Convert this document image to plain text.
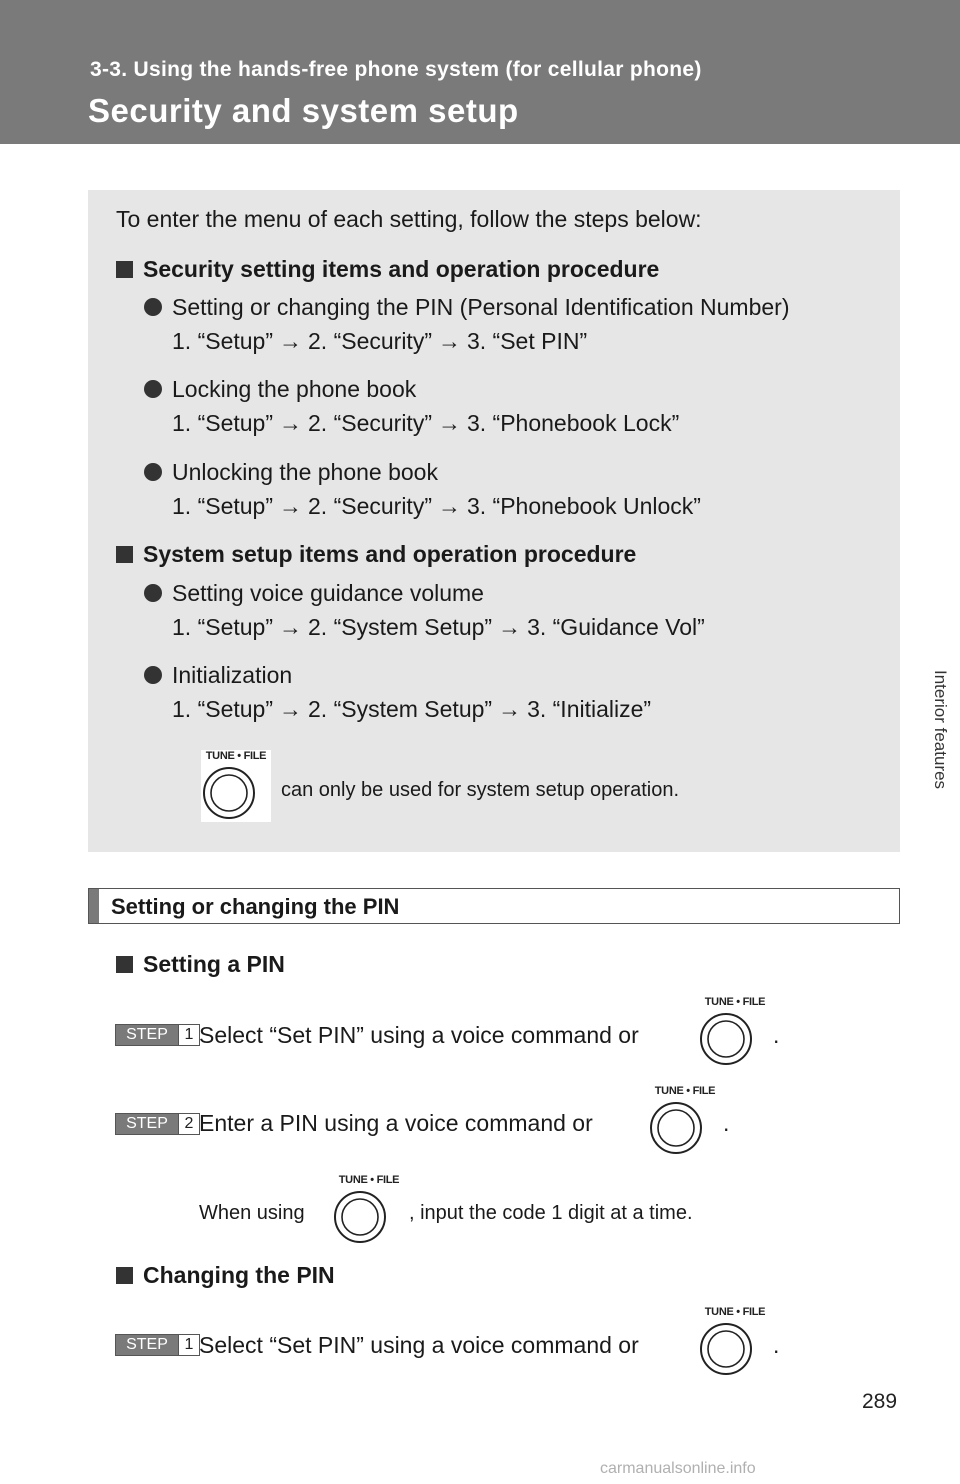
3-3. Using the hands-free phone system (for cellular phone)
Security and system setup
3
Interior features
To enter the menu of each setting, follow the steps below:
Security setting items and operation procedure
Setting or changing the PIN (Personal Identification Number)
1. “Setup” → 2. “Security” → 3. “Set PIN”
Locking the phone book
1. “Setup” → 2. “Security” → 3. “Phonebook Lock”
Unlocking the phone book
1. “Setup” → 2. “Security” → 3. “Phonebook Unlock”
System setup items and operation procedure
Setting voice guidance volume
1. “Setup” → 2. “System Setup” → 3. “Guidance Vol”
Initialization
1. “Setup” → 2. “System Setup” → 3. “Initialize”
TUNE • FILE
can only be used for system setup operation.
Setting or changing the PIN
Setting a PIN
STEP	1 Select “Set PIN” using a voice command or
TUNE • FILE
.
STEP	2 Enter a PIN using a voice command or
TUNE • FILE
.
When using
TUNE • FILE
, input the code 1 digit at a time.
Changing the PIN
STEP	1 Select “Set PIN” using a voice command or
TUNE • FILE
.
289
carmanualsonline.info
